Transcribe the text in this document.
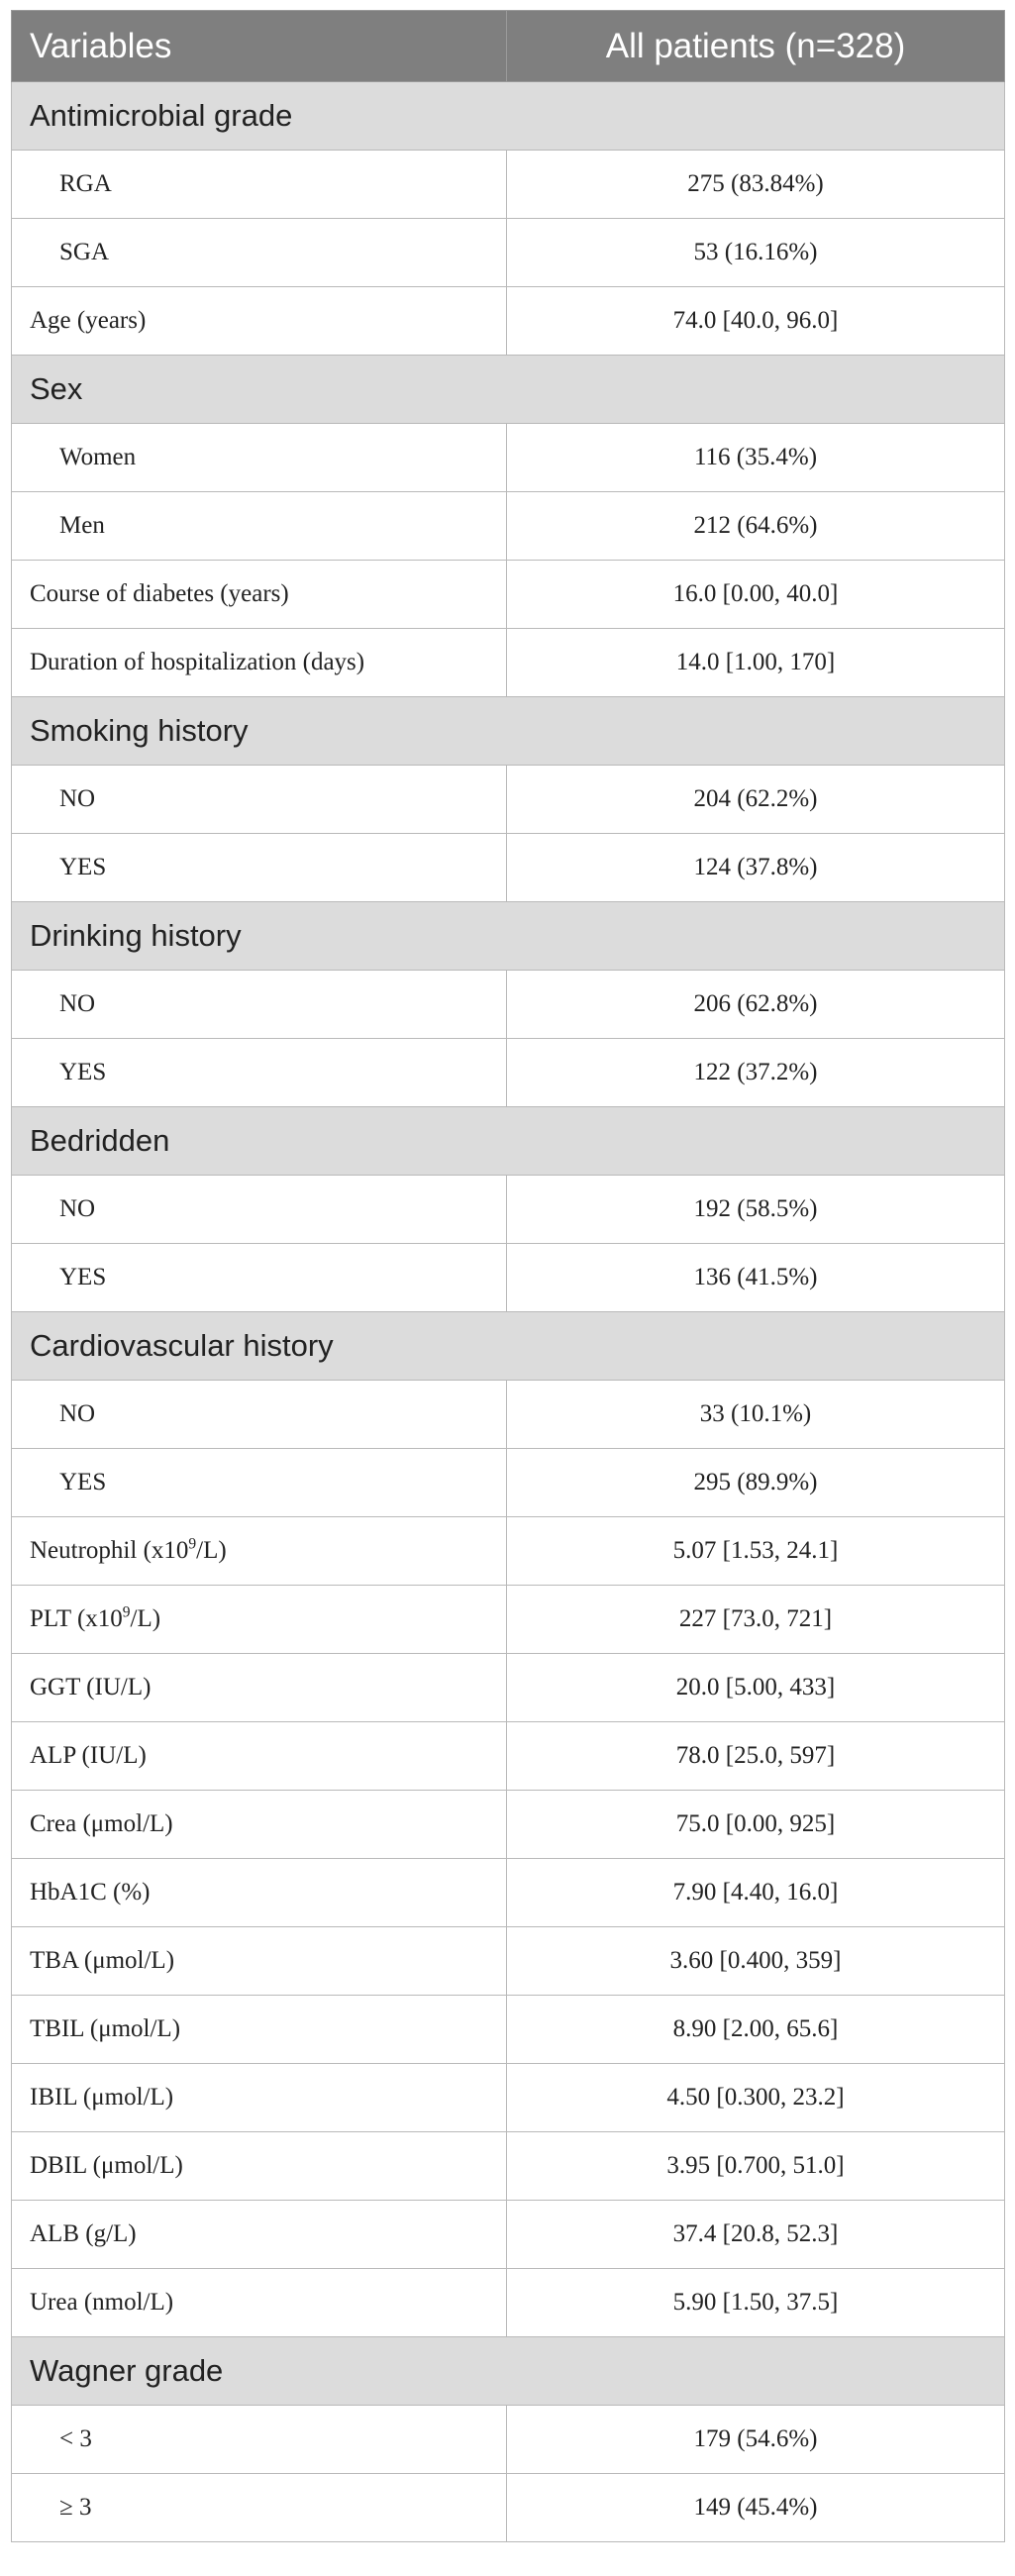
Variables	All patients (n=328)
Antimicrobial grade	
RGA	275 (83.84%)
SGA	53 (16.16%)
Age (years)	74.0 [40.0, 96.0]
Sex	
Women	116 (35.4%)
Men	212 (64.6%)
Course of diabetes (years)	16.0 [0.00, 40.0]
Duration of hospitalization (days)	14.0 [1.00, 170]
Smoking history	
NO	204 (62.2%)
YES	124 (37.8%)
Drinking history	
NO	206 (62.8%)
YES	122 (37.2%)
Bedridden	
NO	192 (58.5%)
YES	136 (41.5%)
Cardiovascular history	
NO	33 (10.1%)
YES	295 (89.9%)
Neutrophil $(x10^9/L)$	5.07 [1.53, 24.1]
PLT $(x10^9/L)$	227 [73.0, 721]
GGT (IU/L)	20.0 [5.00, 433]
ALP (IU/L)	78.0 [25.0, 597]
Crea (μmol/L)	75.0 [0.00, 925]
HbA1C (%)	7.90 [4.40, 16.0]
TBA (μmol/L)	3.60 [0.400, 359]
TBIL (μmol/L)	8.90 [2.00, 65.6]
IBIL (μmol/L)	4.50 [0.300, 23.2]
DBIL (μmol/L)	3.95 [0.700, 51.0]
ALB (g/L)	37.4 [20.8, 52.3]
Urea (nmol/L)	5.90 [1.50, 37.5]
Wagner grade	
< 3	179 (54.6%)
≥ 3	149 (45.4%)
